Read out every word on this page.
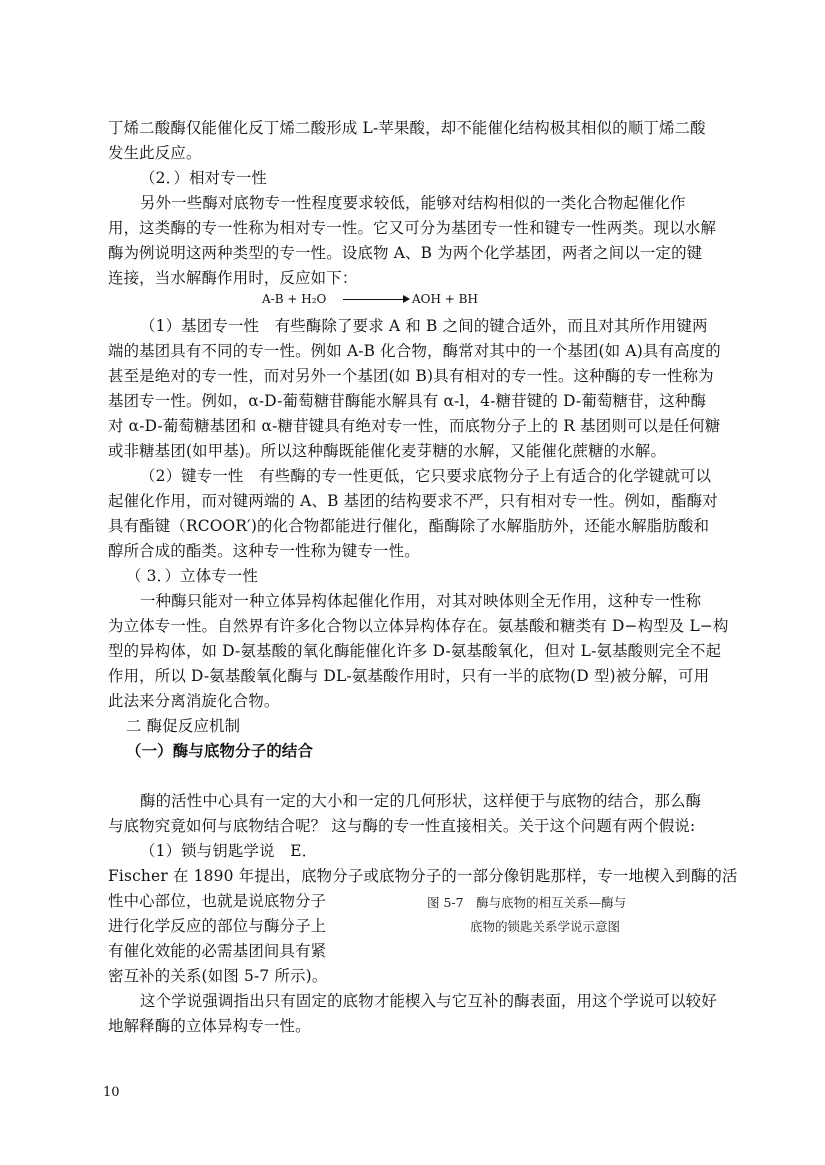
丁烯二酸酶仅能催化反丁烯二酸形成 L-苹果酸，却不能催化结构极其相似的顺丁烯二酸
发生此反应。
（2．）相对专一性
另外一些酶对底物专一性程度要求较低，能够对结构相似的一类化合物起催化作
用，这类酶的专一性称为相对专一性。它又可分为基团专一性和键专一性两类。现以水解
酶为例说明这两种类型的专一性。设底物 A、B 为两个化学基团，两者之间以一定的键
连接，当水解酶作用时，反应如下：
A-B + H₂O	AOH + BH
（1）基团专一性　有些酶除了要求 A 和 B 之间的键合适外，而且对其所作用键两
端的基团具有不同的专一性。例如 A-B 化合物，酶常对其中的一个基团(如 A)具有高度的
甚至是绝对的专一性，而对另外一个基团(如 B)具有相对的专一性。这种酶的专一性称为
基团专一性。例如，α-D-葡萄糖苷酶能水解具有 α-l，4-糖苷键的 D-葡萄糖苷，这种酶
对 α-D-葡萄糖基团和 α-糖苷键具有绝对专一性，而底物分子上的 R 基团则可以是任何糖
或非糖基团(如甲基)。所以这种酶既能催化麦芽糖的水解，又能催化蔗糖的水解。
（2）键专一性　有些酶的专一性更低，它只要求底物分子上有适合的化学键就可以
起催化作用，而对键两端的 A、B 基团的结构要求不严，只有相对专一性。例如，酯酶对
具有酯键（RCOOR′)的化合物都能进行催化，酯酶除了水解脂肪外，还能水解脂肪酸和
醇所合成的酯类。这种专一性称为键专一性。
（ 3．）立体专一性
一种酶只能对一种立体异构体起催化作用，对其对映体则全无作用，这种专一性称
为立体专一性。自然界有许多化合物以立体异构体存在。氨基酸和糖类有 D−构型及 L−构
型的异构体，如 D-氨基酸的氧化酶能催化许多 D-氨基酸氧化，但对 L-氨基酸则完全不起
作用，所以 D-氨基酸氧化酶与 DL-氨基酸作用时，只有一半的底物(D 型)被分解，可用
此法来分离消旋化合物。
二 酶促反应机制
（一）酶与底物分子的结合
酶的活性中心具有一定的大小和一定的几何形状，这样便于与底物的结合，那么酶
与底物究竟如何与底物结合呢？ 这与酶的专一性直接相关。关于这个问题有两个假说:
（1）锁与钥匙学说　E．
Fischer 在 1890 年提出，底物分子或底物分子的一部分像钥匙那样，专一地楔入到酶的活
性中心部位，也就是说底物分子
进行化学反应的部位与酶分子上
有催化效能的必需基团间具有紧
密互补的关系(如图 5-7 所示)。
图 5-7　酶与底物的相互关系—酶与
底物的锁匙关系学说示意图
这个学说强调指出只有固定的底物才能楔入与它互补的酶表面，用这个学说可以较好
地解释酶的立体异构专一性。
10
